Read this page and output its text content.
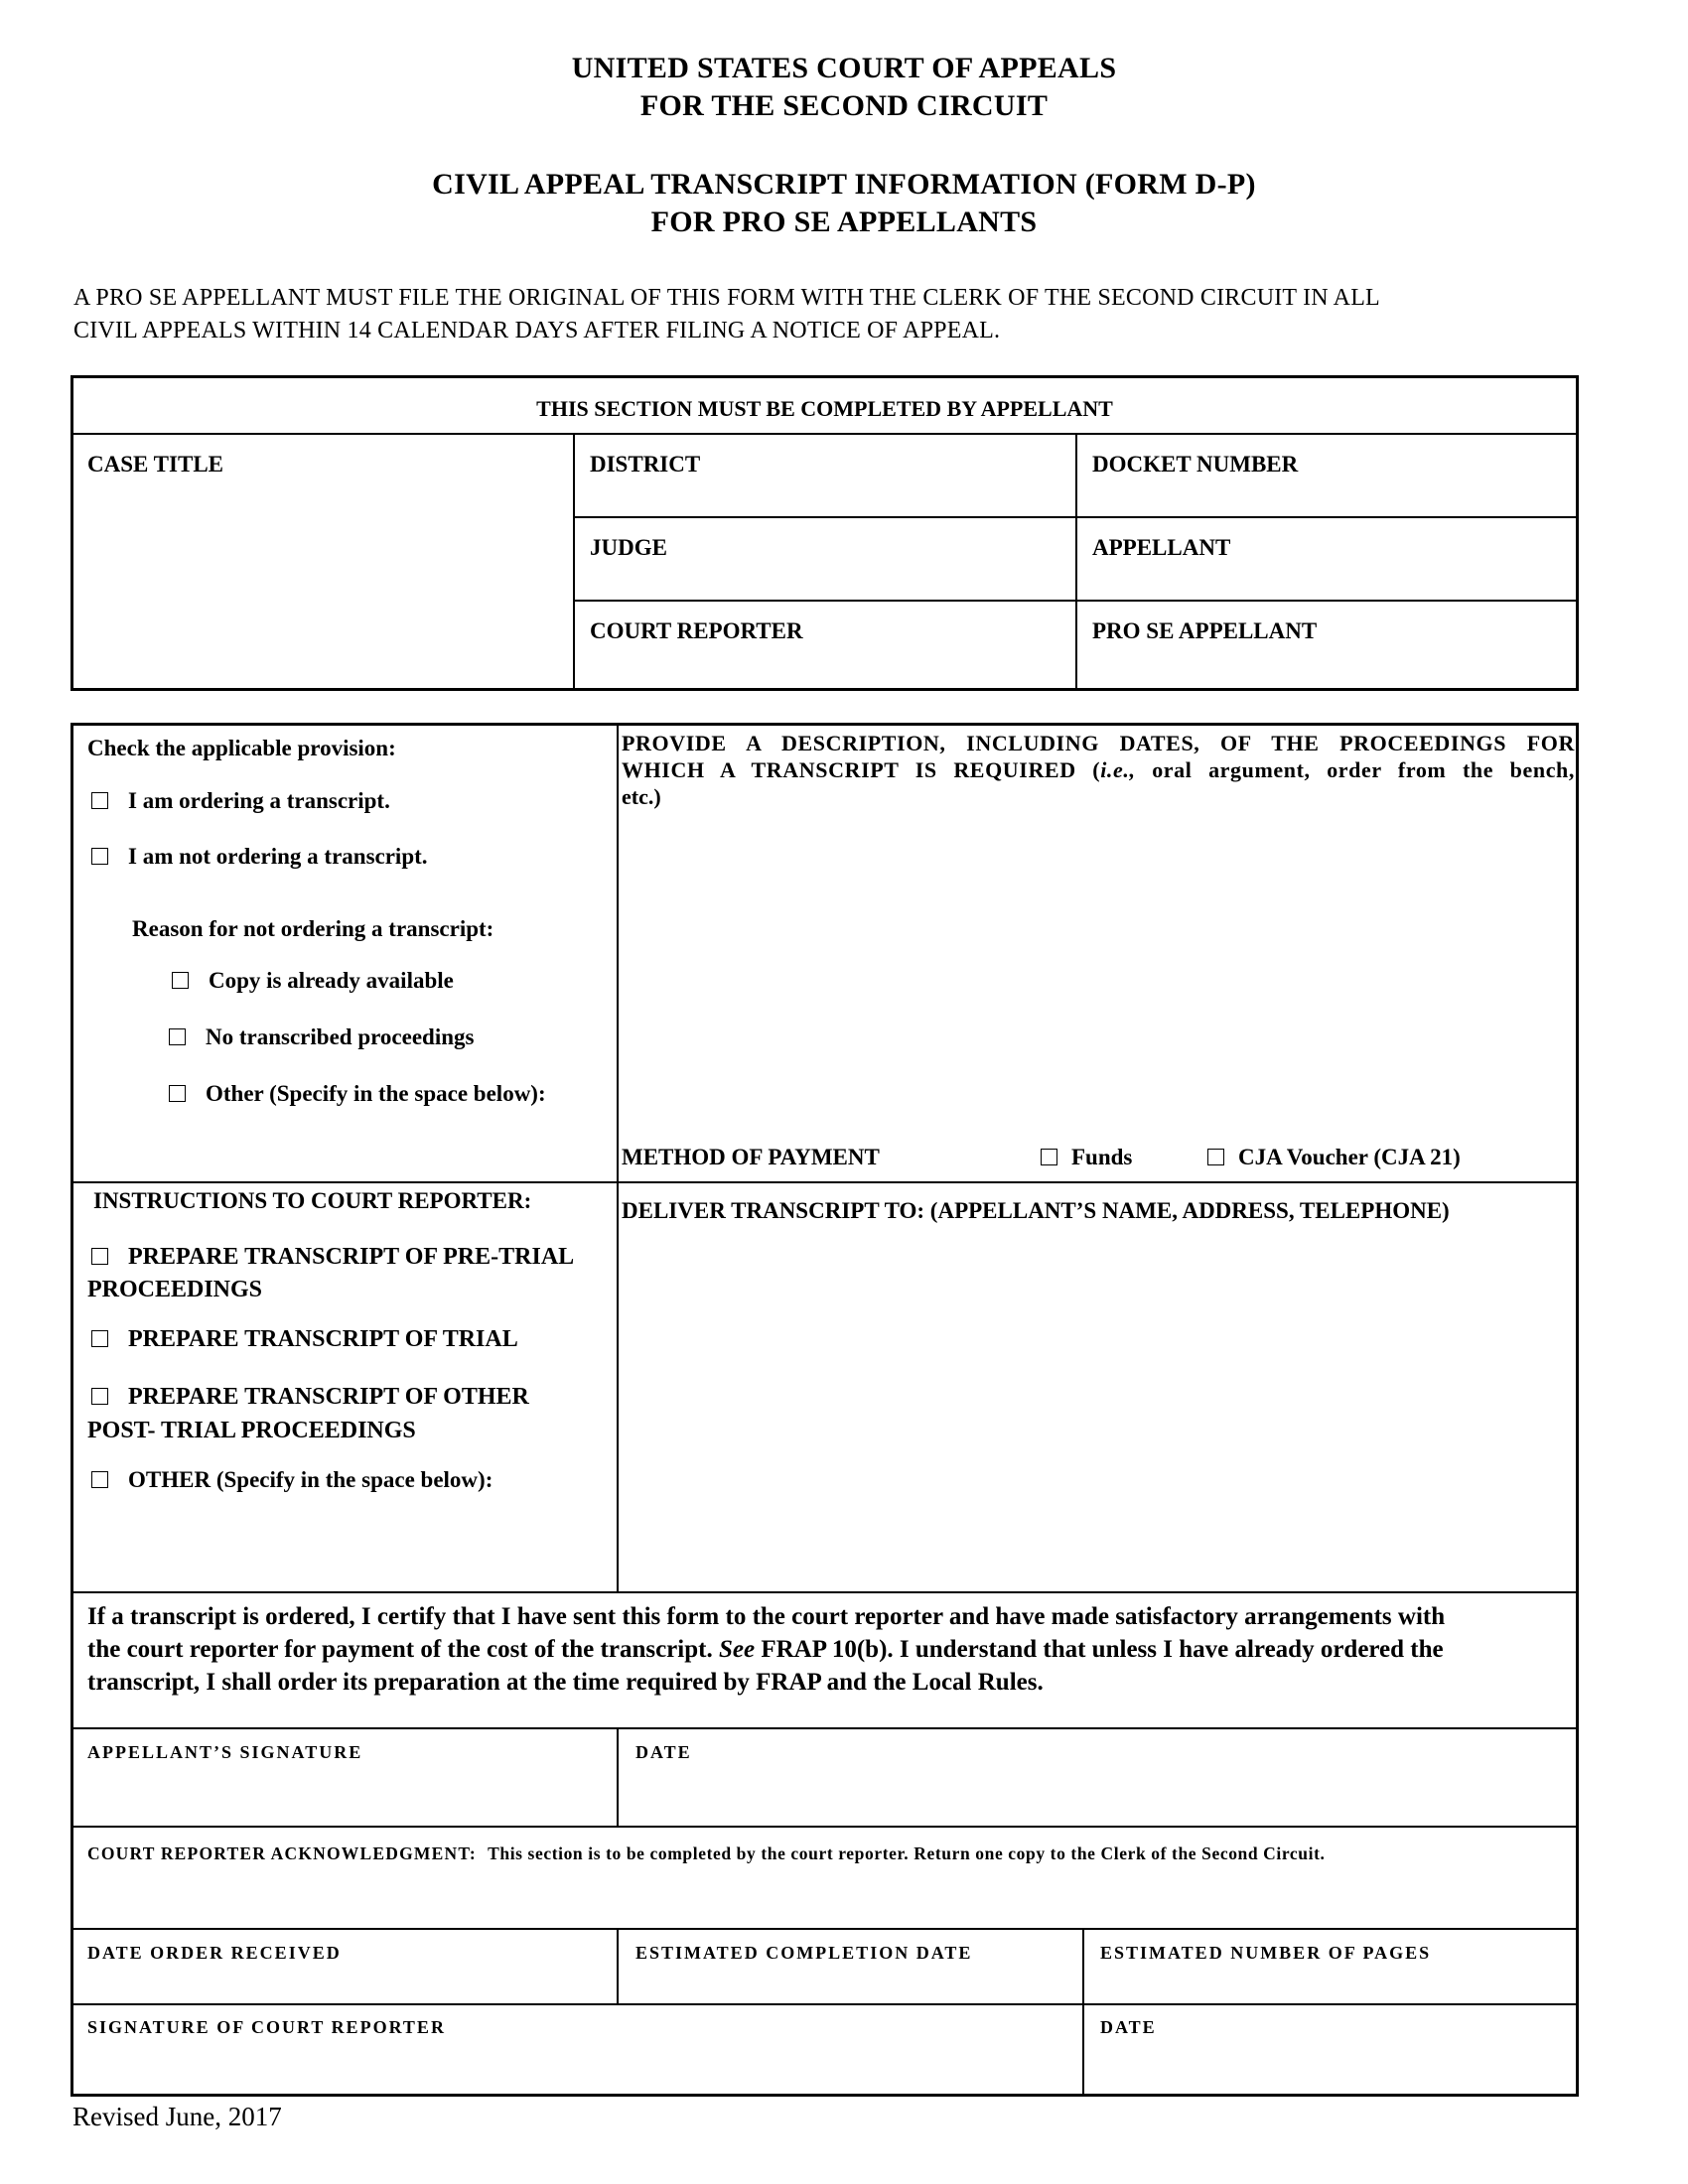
UNITED STATES COURT OF APPEALS
FOR THE SECOND CIRCUIT
CIVIL APPEAL TRANSCRIPT INFORMATION (FORM D-P)
FOR PRO SE APPELLANTS
A PRO SE APPELLANT MUST FILE THE ORIGINAL OF THIS FORM WITH THE CLERK OF THE SECOND CIRCUIT IN ALL
CIVIL APPEALS WITHIN 14 CALENDAR DAYS AFTER FILING A NOTICE OF APPEAL.
THIS SECTION MUST BE COMPLETED BY APPELLANT
CASE TITLE	DISTRICT	DOCKET NUMBER
JUDGE	APPELLANT
COURT REPORTER	PRO SE APPELLANT
Check the applicable provision:
I am ordering a transcript.
I am not ordering a transcript.
Reason for not ordering a transcript:
Copy is already available
No transcribed proceedings
Other (Specify in the space below):
PROVIDE A DESCRIPTION, INCLUDING DATES, OF THE PROCEEDINGS FOR
WHICH A TRANSCRIPT IS REQUIRED (i.e., oral argument, order from the bench,
etc.)
METHOD OF PAYMENT	Funds	CJA Voucher (CJA 21)
INSTRUCTIONS TO COURT REPORTER:
PREPARE TRANSCRIPT OF PRE-TRIAL
PROCEEDINGS
PREPARE TRANSCRIPT OF TRIAL
PREPARE TRANSCRIPT OF OTHER
POST- TRIAL PROCEEDINGS
OTHER (Specify in the space below):
DELIVER TRANSCRIPT TO: (APPELLANT’S NAME, ADDRESS, TELEPHONE)
If a transcript is ordered, I certify that I have sent this form to the court reporter and have made satisfactory arrangements with
the court reporter for payment of the cost of the transcript. See FRAP 10(b). I understand that unless I have already ordered the
transcript, I shall order its preparation at the time required by FRAP and the Local Rules.
APPELLANT’S SIGNATURE	DATE
COURT REPORTER ACKNOWLEDGMENT: This section is to be completed by the court reporter. Return one copy to the Clerk of the Second Circuit.
DATE ORDER RECEIVED	ESTIMATED COMPLETION DATE	ESTIMATED NUMBER OF PAGES
SIGNATURE OF COURT REPORTER	DATE
Revised June, 2017
